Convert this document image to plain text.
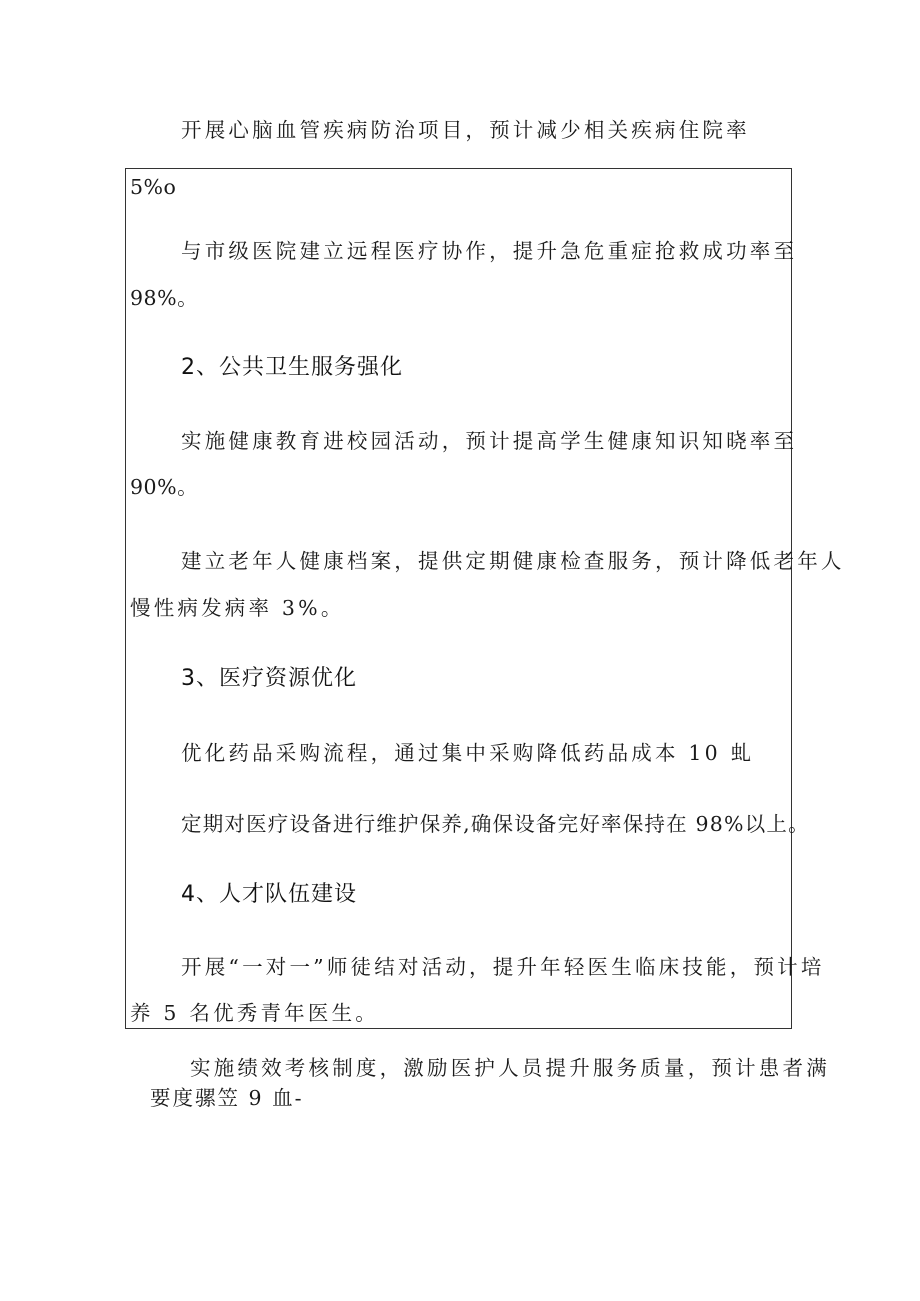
开展心脑血管疾病防治项目，预计减少相关疾病住院率
5%o
与市级医院建立远程医疗协作，提升急危重症抢救成功率至
98%。
2、公共卫生服务强化
实施健康教育进校园活动，预计提高学生健康知识知晓率至
90%。
建立老年人健康档案，提供定期健康检查服务，预计降低老年人
慢性病发病率 3%。
3、医疗资源优化
优化药品采购流程，通过集中采购降低药品成本 10 虬
定期对医疗设备进行维护保养,确保设备完好率保持在 98%以上。
4、人才队伍建设
开展“一对一”师徒结对活动，提升年轻医生临床技能，预计培
养 5 名优秀青年医生。
实施绩效考核制度，激励医护人员提升服务质量，预计患者满
要度骡笠 9 血-
